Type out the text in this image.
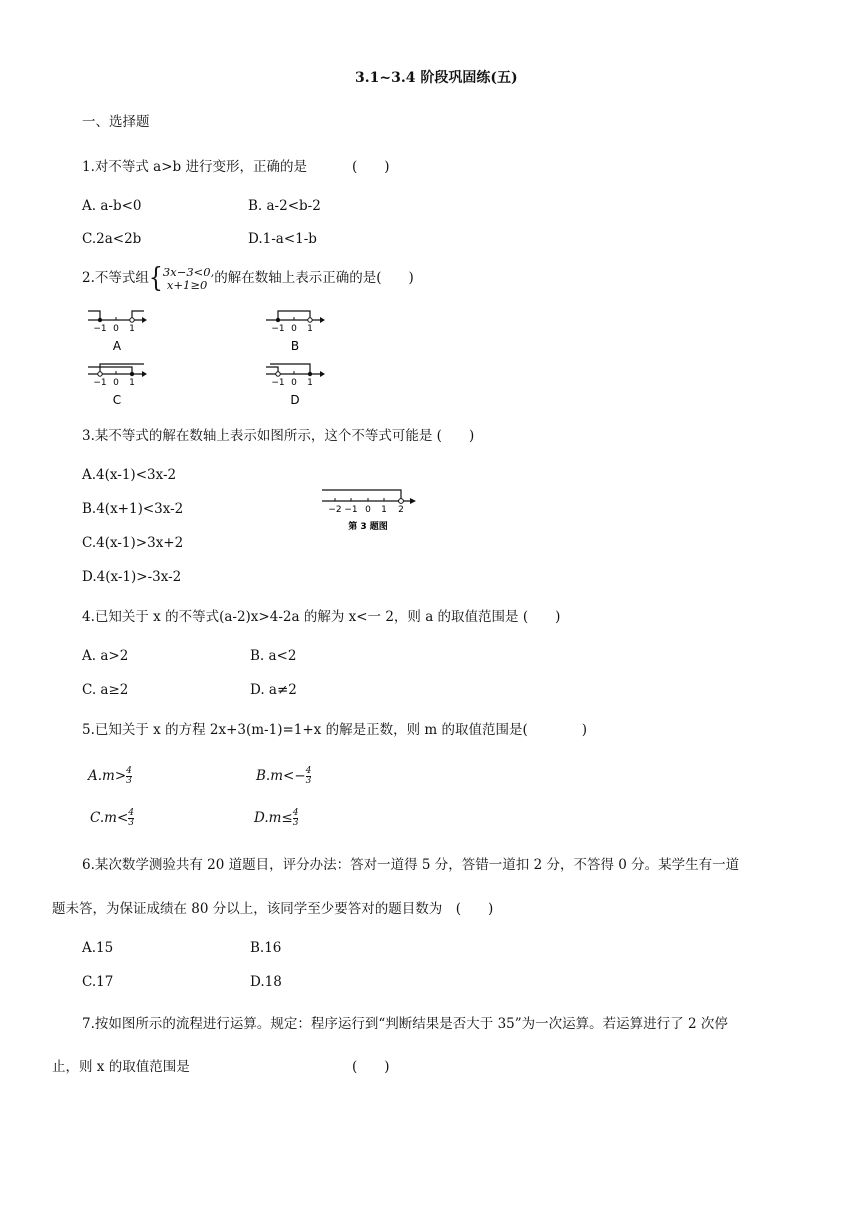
3.1~3.4 阶段巩固练(五)
一、选择题
1.对不等式 a>b 进行变形，正确的是	(　　)
A. a-b<0	B. a-2<b-2
C.2a<2b	D.1-a<1-b
2.不等式组{ 3x−3<0,
x+1≥0 的解在数轴上表示正确的是(　　)
−1 0 1
A
−1 0 1
B
−1 0 1
C
−1 0 1
D
3.某不等式的解在数轴上表示如图所示，这个不等式可能是 (　　)
A.4(x-1)<3x-2
B.4(x+1)<3x-2
C.4(x-1)>3x+2
D.4(x-1)>-3x-2
−2 −1 0 1 2
第 3 题图
4.已知关于 x 的不等式(a-2)x>4-2a 的解为 x<一 2，则 a 的取值范围是 (　　)
A. a>2	B. a<2
C. a≥2	D. a≠2
5.已知关于 x 的方程 2x+3(m-1)=1+x 的解是正数，则 m 的取值范围是(　　　　)
$A.m>\frac{4}{3}$	$B.m<-\frac{4}{3}$
$C.m<\frac{4}{3}$	$D.m\le\frac{4}{3}$
6.某次数学测验共有 20 道题目，评分办法：答对一道得 5 分，答错一道扣 2 分，不答得 0 分。某学生有一道
题未答，为保证成绩在 80 分以上，该同学至少要答对的题目数为　(　　)
A.15	B.16
C.17	D.18
7.按如图所示的流程进行运算。规定：程序运行到“判断结果是否大于 35”为一次运算。若运算进行了 2 次停
止，则 x 的取值范围是	(　　)
